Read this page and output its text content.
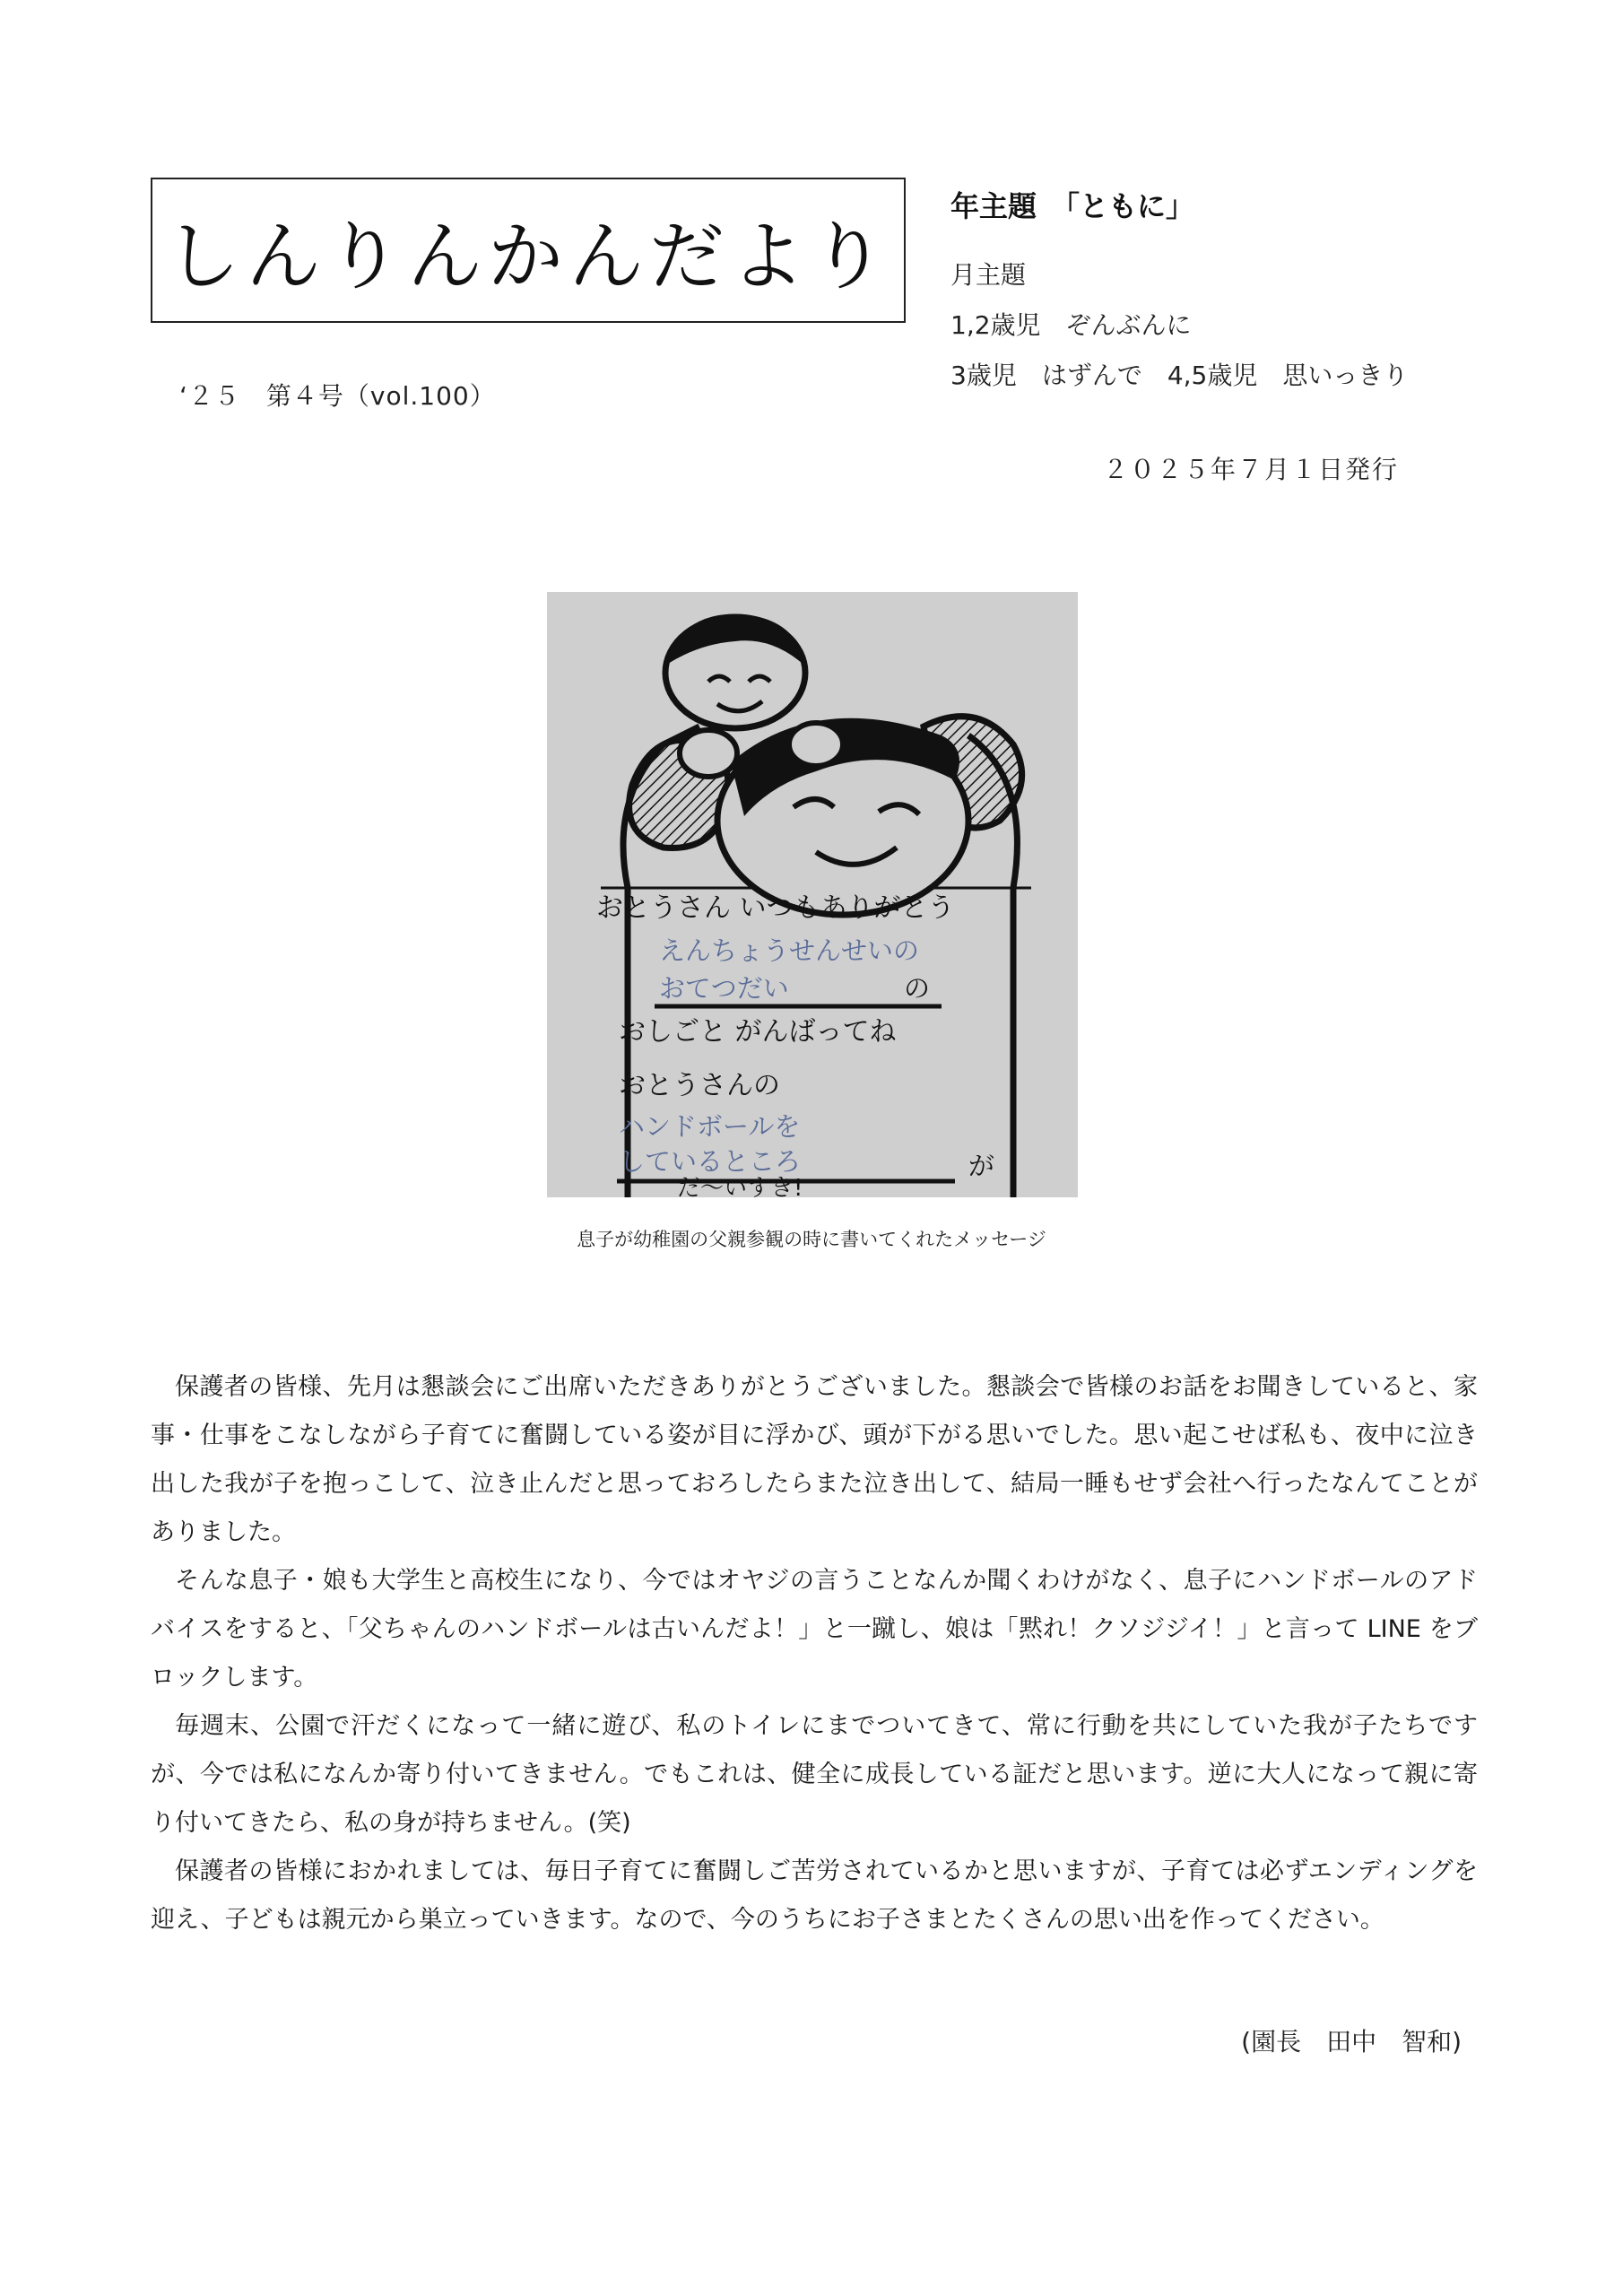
しんりんかんだより
‘２５　第４号（vol.100）
年主題　「ともに」
月主題
1,2歳児　ぞんぶんに
3歳児　はずんで　4,5歳児　思いっきり
２０２５年７月１日発行
おとうさん いつもありがとう
えんちょうせんせいの
おてつだい	の
おしごと がんばってね
おとうさんの
ハンドボールを
しているところ	が
だ〜いすき!
息子が幼稚園の父親参観の時に書いてくれたメッセージ

保護者の皆様、先月は懇談会にご出席いただきありがとうございました。懇談会で皆様のお話をお聞きしていると、家事・仕事をこなしながら子育てに奮闘している姿が目に浮かび、頭が下がる思いでした。思い起こせば私も、夜中に泣き出した我が子を抱っこして、泣き止んだと思っておろしたらまた泣き出して、結局一睡もせず会社へ行ったなんてことがありました。

そんな息子・娘も大学生と高校生になり、今ではオヤジの言うことなんか聞くわけがなく、息子にハンドボールのアドバイスをすると、「父ちゃんのハンドボールは古いんだよ！」と一蹴し、娘は「黙れ！クソジジイ！」と言って LINE をブロックします。

毎週末、公園で汗だくになって一緒に遊び、私のトイレにまでついてきて、常に行動を共にしていた我が子たちですが、今では私になんか寄り付いてきません。でもこれは、健全に成長している証だと思います。逆に大人になって親に寄り付いてきたら、私の身が持ちません。(笑)

保護者の皆様におかれましては、毎日子育てに奮闘しご苦労されているかと思いますが、子育ては必ずエンディングを迎え、子どもは親元から巣立っていきます。なので、今のうちにお子さまとたくさんの思い出を作ってください。

(園長　田中　智和)
